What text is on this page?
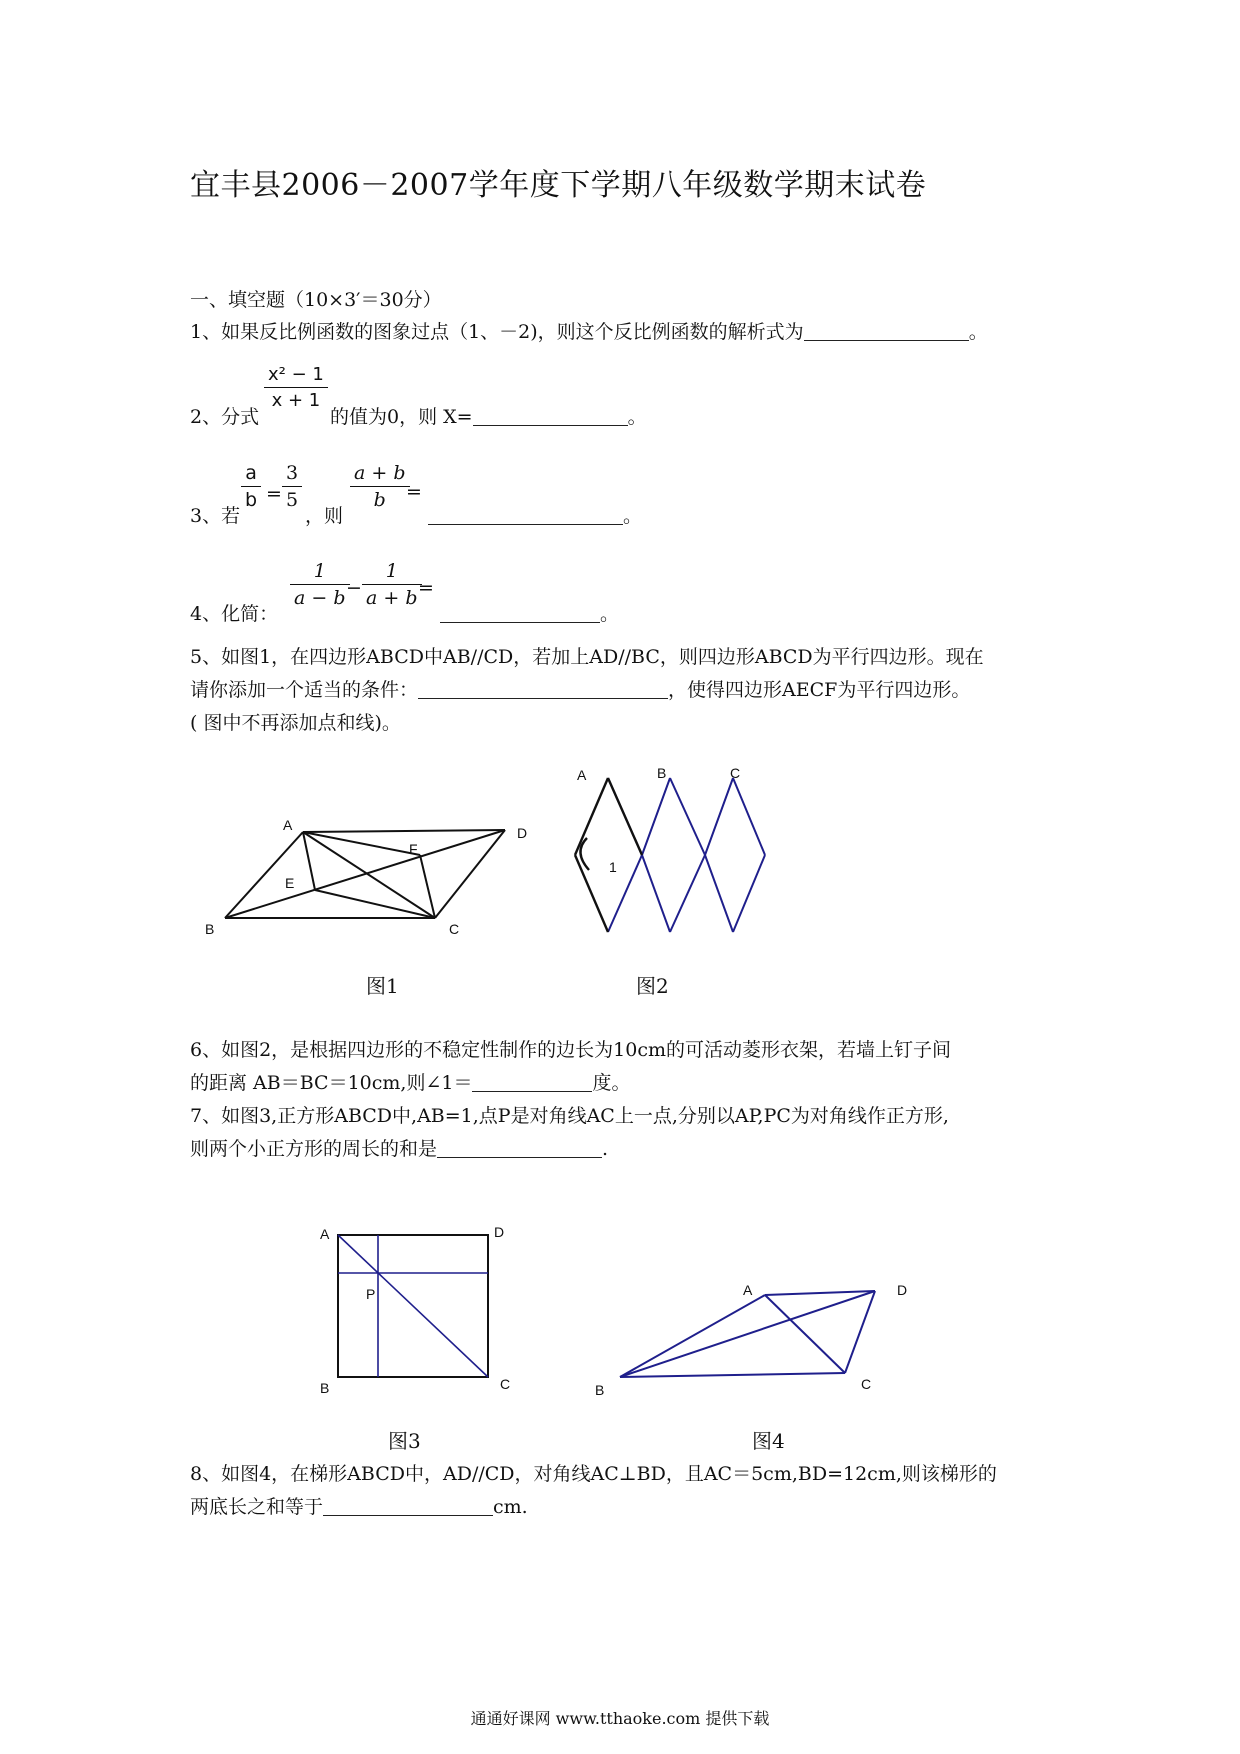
宜丰县2006－2007学年度下学期八年级数学期末试卷
一、填空题（10×3′＝30分）
1、如果反比例函数的图象过点（1、－2)，则这个反比例函数的解析式为	。
2、分式
x² − 1
x + 1
的值为0，则 X=	。
3、若
a
b =
3
5
，则
a + b
b	=
。
4、化简：
1
a − b −
1
a + b =
。
5、如图1，在四边形ABCD中AB//CD，若加上AD//BC，则四边形ABCD为平行四边形。现在
请你添加一个适当的条件：	，使得四边形AECF为平行四边形。
( 图中不再添加点和线)。
A
B	C
D
E
F
图1
A	B	C
1
图2
6、如图2，是根据四边形的不稳定性制作的边长为10cm的可活动菱形衣架，若墙上钉子间
的距离 AB＝BC＝10cm,则∠1＝	度。
7、如图3,正方形ABCD中,AB=1,点P是对角线AC上一点,分别以AP,PC为对角线作正方形,
则两个小正方形的周长的和是	.
A
B	C
D
P
图3
A
B	C
D
图4
8、如图4，在梯形ABCD中，AD//CD，对角线AC⊥BD，且AC＝5cm,BD=12cm,则该梯形的
两底长之和等于	cm.
通通好课网 www.tthaoke.com 提供下载
